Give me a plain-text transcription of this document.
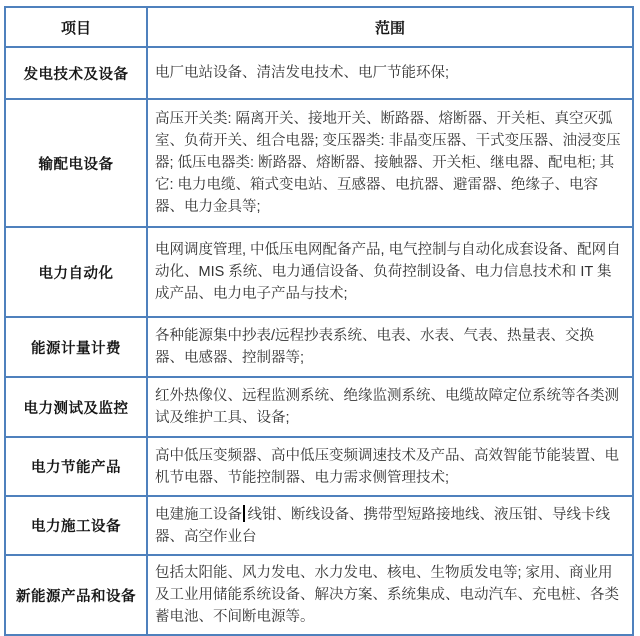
项目	范围
发电技术及设备	电厂电站设备、清洁发电技术、电厂节能环保;
输配电设备	高压开关类: 隔离开关、接地开关、断路器、熔断器、开关柜、真空灭弧室、负荷开关、组合电器; 变压器类: 非晶变压器、干式变压器、油浸变压器; 低压电器类: 断路器、熔断器、接触器、开关柜、继电器、配电柜; 其它: 电力电缆、箱式变电站、互感器、电抗器、避雷器、绝缘子、电容器、电力金具等;
电力自动化	电网调度管理, 中低压电网配备产品, 电气控制与自动化成套设备、配网自动化、MIS 系统、电力通信设备、负荷控制设备、电力信息技术和 IT 集成产品、电力电子产品与技术;
能源计量计费	各种能源集中抄表/远程抄表系统、电表、水表、气表、热量表、交换器、电感器、控制器等;
电力测试及监控	红外热像仪、远程监测系统、绝缘监测系统、电缆故障定位系统等各类测试及维护工具、设备;
电力节能产品	高中低压变频器、高中低压变频调速技术及产品、高效智能节能装置、电机节电器、节能控制器、电力需求侧管理技术;
电力施工设备	电建施工设备 线钳、断线设备、携带型短路接地线、液压钳、导线卡线器、高空作业台
新能源产品和设备	包括太阳能、风力发电、水力发电、核电、生物质发电等; 家用、商业用及工业用储能系统设备、解决方案、系统集成、电动汽车、充电桩、各类蓄电池、不间断电源等。
